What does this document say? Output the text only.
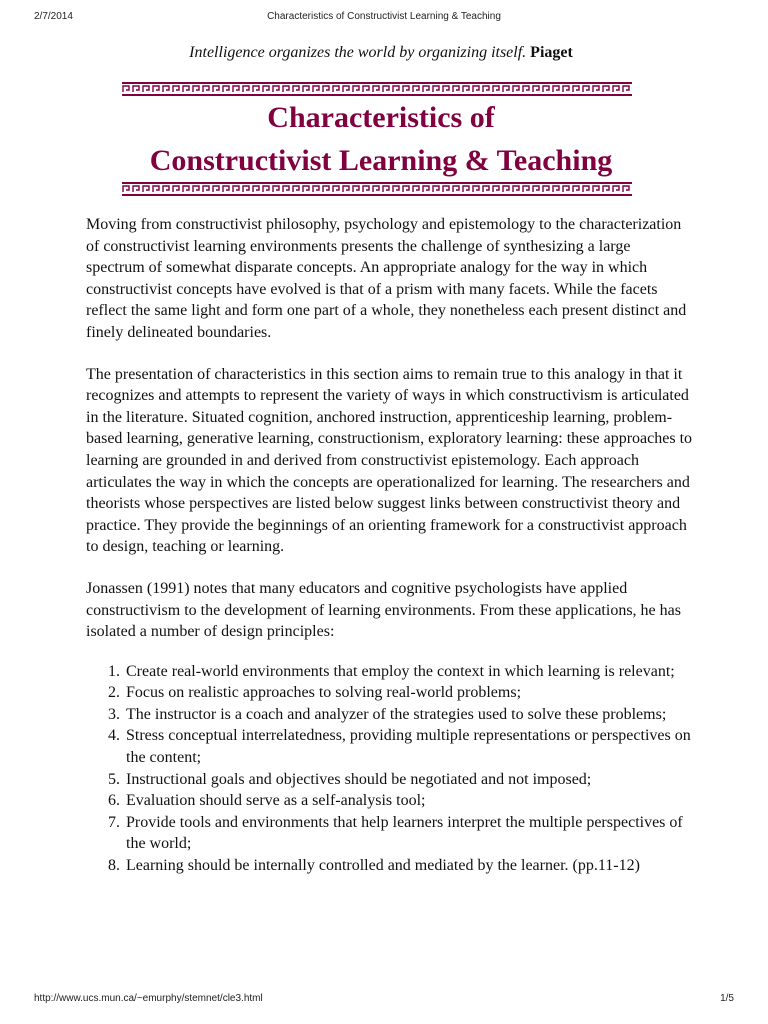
2/7/2014	Characteristics of Constructivist Learning & Teaching

Intelligence organizes the world by organizing itself. Piaget

Characteristics of
Constructivist Learning & Teaching

Moving from constructivist philosophy, psychology and epistemology to the characterization of constructivist learning environments presents the challenge of synthesizing a large spectrum of somewhat disparate concepts. An appropriate analogy for the way in which constructivist concepts have evolved is that of a prism with many facets. While the facets reflect the same light and form one part of a whole, they nonetheless each present distinct and finely delineated boundaries.

The presentation of characteristics in this section aims to remain true to this analogy in that it recognizes and attempts to represent the variety of ways in which constructivism is articulated in the literature. Situated cognition, anchored instruction, apprenticeship learning, problem-based learning, generative learning, constructionism, exploratory learning: these approaches to learning are grounded in and derived from constructivist epistemology. Each approach articulates the way in which the concepts are operationalized for learning. The researchers and theorists whose perspectives are listed below suggest links between constructivist theory and practice. They provide the beginnings of an orienting framework for a constructivist approach to design, teaching or learning.

Jonassen (1991) notes that many educators and cognitive psychologists have applied constructivism to the development of learning environments. From these applications, he has isolated a number of design principles:

1. Create real-world environments that employ the context in which learning is relevant;
2. Focus on realistic approaches to solving real-world problems;
3. The instructor is a coach and analyzer of the strategies used to solve these problems;
4. Stress conceptual interrelatedness, providing multiple representations or perspectives on the content;
5. Instructional goals and objectives should be negotiated and not imposed;
6. Evaluation should serve as a self-analysis tool;
7. Provide tools and environments that help learners interpret the multiple perspectives of the world;
8. Learning should be internally controlled and mediated by the learner. (pp.11-12)
http://www.ucs.mun.ca/~emurphy/stemnet/cle3.html	1/5
